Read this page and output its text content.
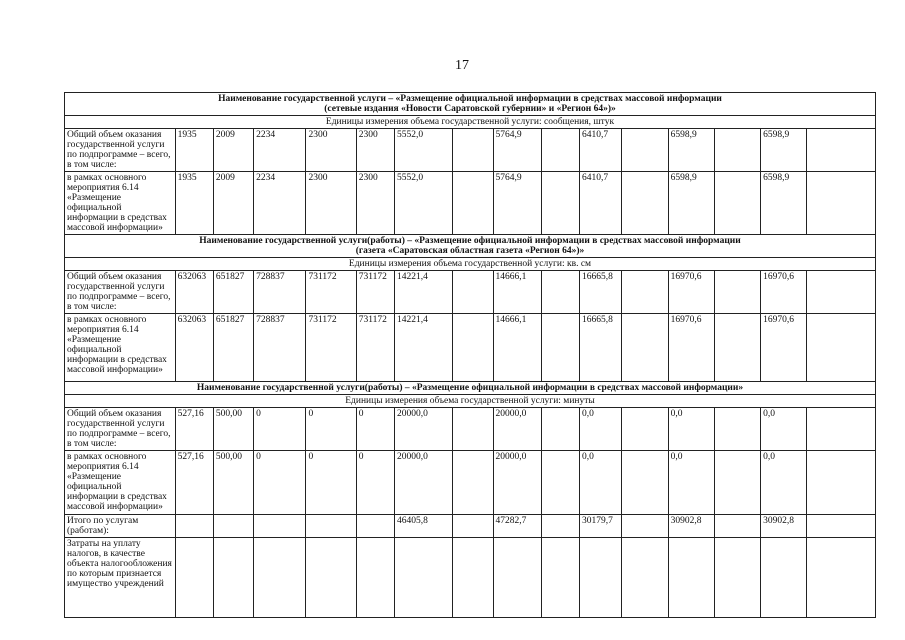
17
Наименование государственной услуги – «Размещение официальной информации в средствах массовой информации
(сетевые издания «Новости Саратовской губернии» и «Регион 64»)»															

Единицы измерения объема государственной услуги: сообщения, штук															
Общий объем оказания государственной услуги по подпрограмме – всего, в том числе:	1935	2009	2234	2300	2300	5552,0		5764,9		6410,7		6598,9		6598,9	
в рамках основного мероприятия 6.14 «Размещение официальной информации в средствах массовой информации»	1935	2009	2234	2300	2300	5552,0		5764,9		6410,7		6598,9		6598,9	

Наименование государственной услуги(работы) – «Размещение официальной информации в средствах массовой информации
(газета «Саратовская областная газета «Регион 64»)»															

Единицы измерения объема государственной услуги: кв. см															
Общий объем оказания государственной услуги по подпрограмме – всего, в том числе:	632063	651827	728837	731172	731172	14221,4		14666,1		16665,8		16970,6		16970,6	
в рамках основного мероприятия 6.14 «Размещение официальной информации в средствах массовой информации»	632063	651827	728837	731172	731172	14221,4		14666,1		16665,8		16970,6		16970,6	

Наименование государственной услуги(работы) – «Размещение официальной информации в средствах массовой информации»															

Единицы измерения объема государственной услуги: минуты															
Общий объем оказания государственной услуги по подпрограмме – всего, в том числе:	527,16	500,00	0	0	0	20000,0		20000,0		0,0		0,0		0,0	
в рамках основного мероприятия 6.14 «Размещение официальной информации в средствах массовой информации»	527,16	500,00	0	0	0	20000,0		20000,0		0,0		0,0		0,0	
Итого по услугам (работам):						46405,8		47282,7		30179,7		30902,8		30902,8	
Затраты на уплату налогов, в качестве объекта налогообложения по которым признается имущество учреждений															
